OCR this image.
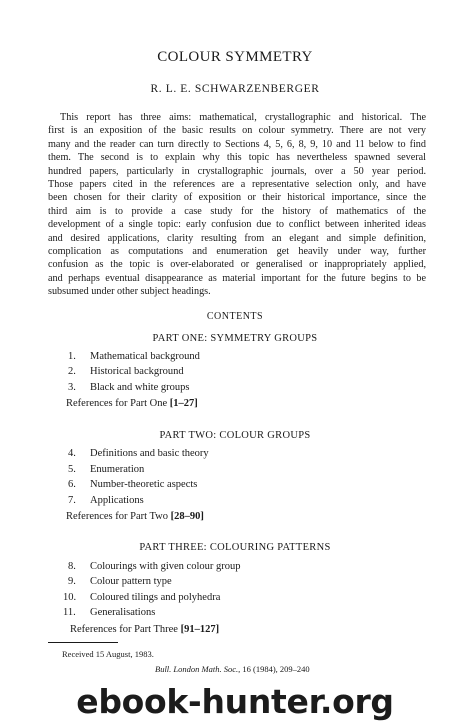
COLOUR SYMMETRY
R. L. E. SCHWARZENBERGER
This report has three aims: mathematical, crystallographic and historical. The
first is an exposition of the basic results on colour symmetry. There are not very
many and the reader can turn directly to Sections 4, 5, 6, 8, 9, 10 and 11 below to find
them. The second is to explain why this topic has nevertheless spawned several
hundred papers, particularly in crystallographic journals, over a 50 year period.
Those papers cited in the references are a representative selection only, and have
been chosen for their clarity of exposition or their historical importance, since the
third aim is to provide a case study for the history of mathematics of the
development of a single topic: early confusion due to conflict between inherited ideas
and desired applications, clarity resulting from an elegant and simple definition,
complication as computations and enumeration get heavily under way, further
confusion as the topic is over-elaborated or generalised or inappropriately applied,
and perhaps eventual disappearance as material important for the future begins to be
subsumed under other subject headings.
CONTENTS
PART ONE: SYMMETRY GROUPS
1. Mathematical background
2. Historical background
3. Black and white groups
References for Part One [1–27]
PART TWO: COLOUR GROUPS
4. Definitions and basic theory
5. Enumeration
6. Number-theoretic aspects
7. Applications
References for Part Two [28–90]
PART THREE: COLOURING PATTERNS
8. Colourings with given colour group
9. Colour pattern type
10. Coloured tilings and polyhedra
11. Generalisations
References for Part Three [91–127]
Received 15 August, 1983.
Bull. London Math. Soc., 16 (1984), 209–240
ebook-hunter.org
